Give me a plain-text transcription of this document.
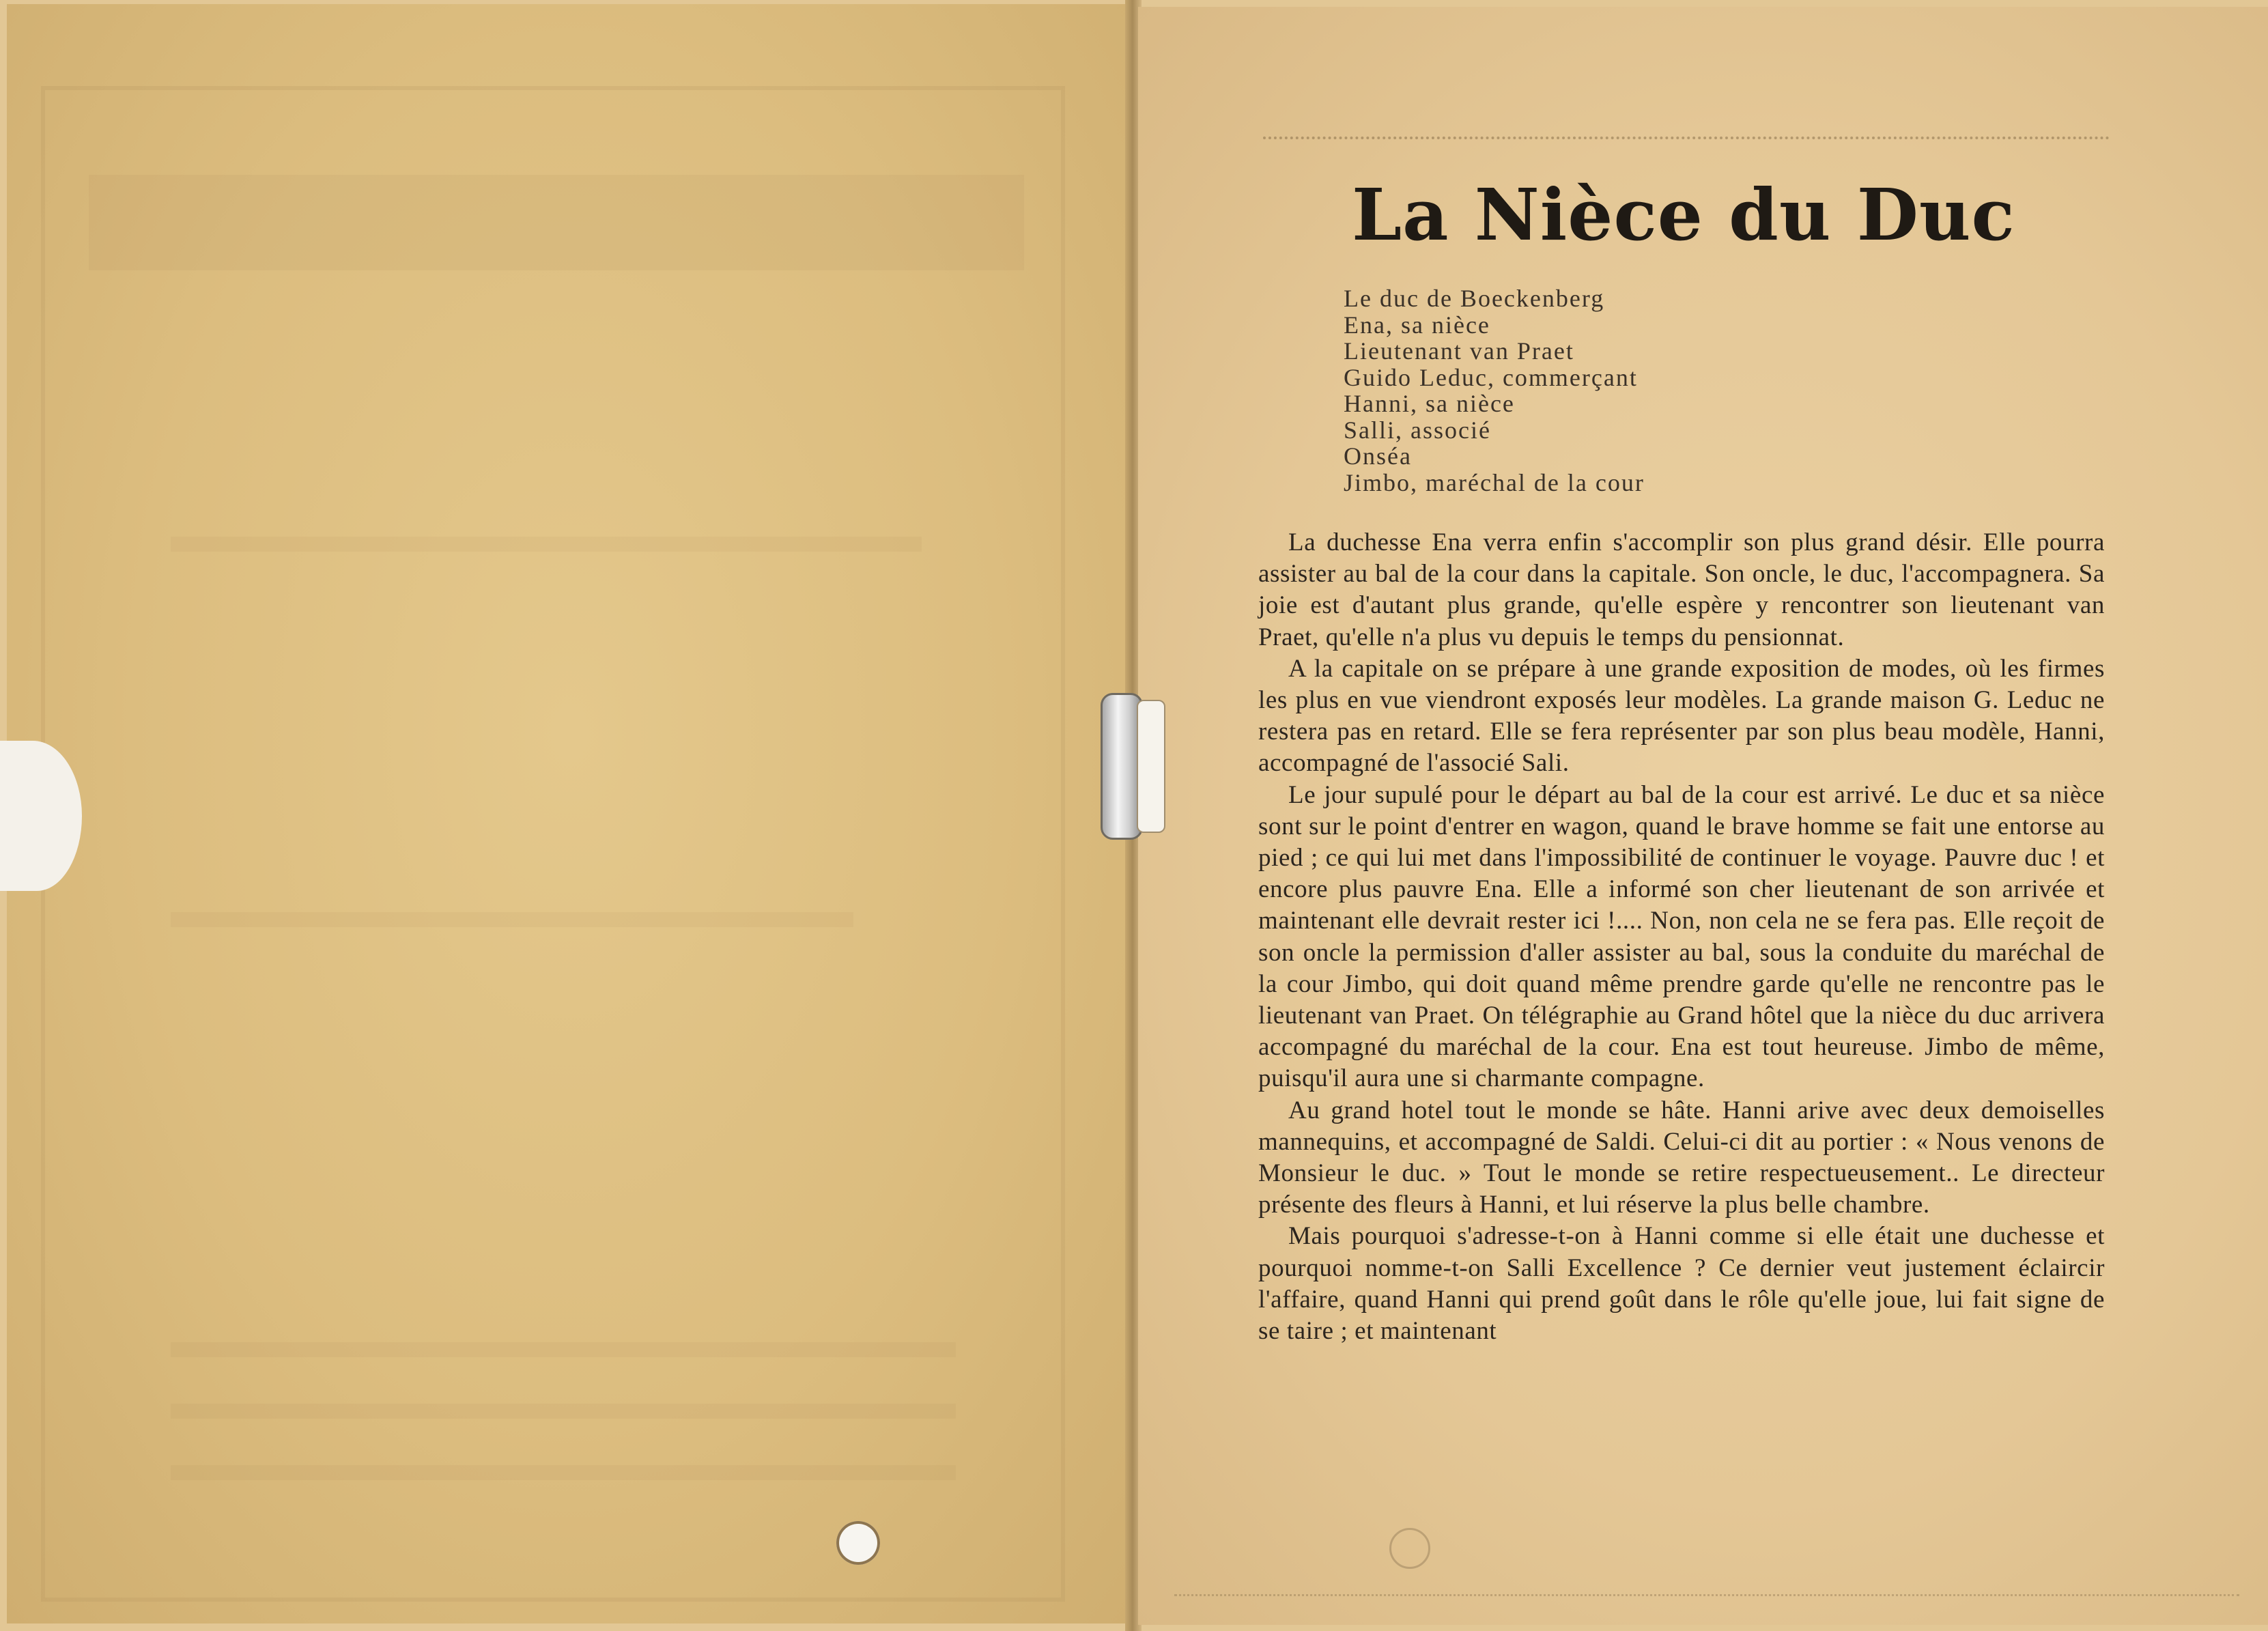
La Nièce du Duc
Le duc de Boeckenberg
Ena, sa nièce
Lieutenant van Praet
Guido Leduc, commerçant
Hanni, sa nièce
Salli, associé
Onséa
Jimbo, maréchal de la cour

La duchesse Ena verra enfin s'accomplir son plus grand désir. Elle pourra assister au bal de la cour dans la capitale. Son oncle, le duc, l'accompagnera. Sa joie est d'autant plus grande, qu'elle espère y rencontrer son lieutenant van Praet, qu'elle n'a plus vu depuis le temps du pensionnat.

A la capitale on se prépare à une grande exposition de modes, où les firmes les plus en vue viendront exposés leur modèles. La grande maison G. Leduc ne restera pas en retard. Elle se fera représenter par son plus beau modèle, Hanni, accompagné de l'associé Sali.

Le jour supulé pour le départ au bal de la cour est arrivé. Le duc et sa nièce sont sur le point d'entrer en wagon, quand le brave homme se fait une entorse au pied ; ce qui lui met dans l'impossibilité de continuer le voyage. Pauvre duc ! et encore plus pauvre Ena. Elle a informé son cher lieutenant de son arrivée et maintenant elle devrait rester ici !.... Non, non cela ne se fera pas. Elle reçoit de son oncle la permission d'aller assister au bal, sous la conduite du maréchal de la cour Jimbo, qui doit quand même prendre garde qu'elle ne rencontre pas le lieutenant van Praet. On télégraphie au Grand hôtel que la nièce du duc arrivera accompagné du maréchal de la cour. Ena est tout heureuse. Jimbo de même, puisqu'il aura une si charmante compagne.

Au grand hotel tout le monde se hâte. Hanni arive avec deux demoiselles mannequins, et accompagné de Saldi. Celui-ci dit au portier : « Nous venons de Monsieur le duc. » Tout le monde se retire respectueusement.. Le directeur présente des fleurs à Hanni, et lui réserve la plus belle chambre.

Mais pourquoi s'adresse-t-on à Hanni comme si elle était une duchesse et pourquoi nomme-t-on Salli Excellence ? Ce dernier veut justement éclaircir l'affaire, quand Hanni qui prend goût dans le rôle qu'elle joue, lui fait signe de se taire ; et maintenant
